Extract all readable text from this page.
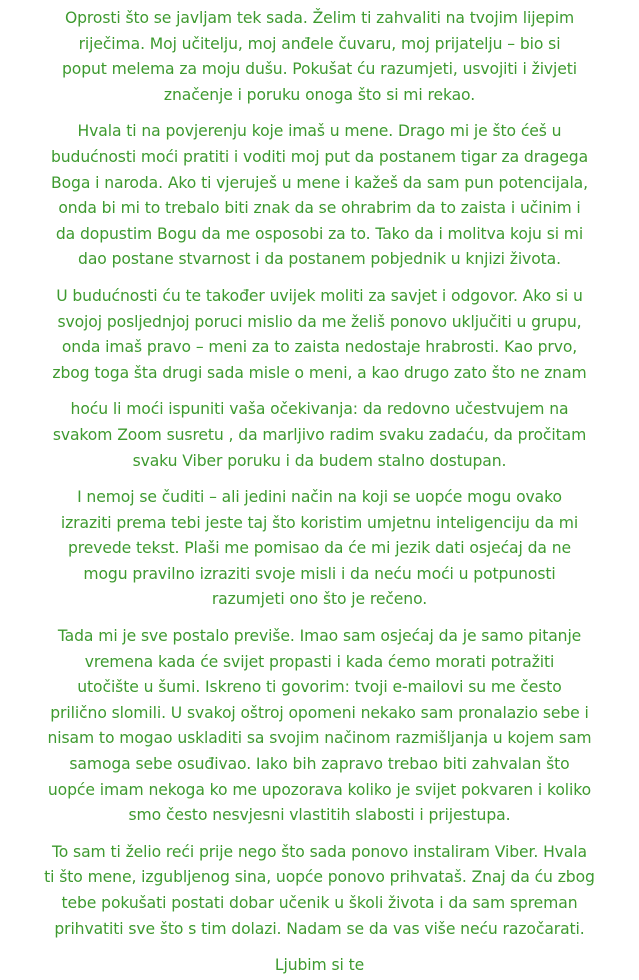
Oprosti što se javljam tek sada. Želim ti zahvaliti na tvojim lijepim
riječima. Moj učitelju, moj anđele čuvaru, moj prijatelju – bio si
poput melema za moju dušu. Pokušat ću razumjeti, usvojiti i živjeti
značenje i poruku onoga što si mi rekao.
Hvala ti na povjerenju koje imaš u mene. Drago mi je što ćeš u
budućnosti moći pratiti i voditi moj put da postanem tigar za dragega
Boga i naroda. Ako ti vjeruješ u mene i kažeš da sam pun potencijala,
onda bi mi to trebalo biti znak da se ohrabrim da to zaista i učinim i
da dopustim Bogu da me osposobi za to. Tako da i molitva koju si mi
dao postane stvarnost i da postanem pobjednik u knjizi života.
U budućnosti ću te također uvijek moliti za savjet i odgovor. Ako si u
svojoj posljednjoj poruci mislio da me želiš ponovo uključiti u grupu,
onda imaš pravo – meni za to zaista nedostaje hrabrosti. Kao prvo,
zbog toga šta drugi sada misle o meni, a kao drugo zato što ne znam
hoću li moći ispuniti vaša očekivanja: da redovno učestvujem na
svakom Zoom susretu , da marljivo radim svaku zadaću, da pročitam
svaku Viber poruku i da budem stalno dostupan.
I nemoj se čuditi – ali jedini način na koji se uopće mogu ovako
izraziti prema tebi jeste taj što koristim umjetnu inteligenciju da mi
prevede tekst. Plaši me pomisao da će mi jezik dati osjećaj da ne
mogu pravilno izraziti svoje misli i da neću moći u potpunosti
razumjeti ono što je rečeno.
Tada mi je sve postalo previše. Imao sam osjećaj da je samo pitanje
vremena kada će svijet propasti i kada ćemo morati potražiti
utočište u šumi. Iskreno ti govorim: tvoji e-mailovi su me često
prilično slomili. U svakoj oštroj opomeni nekako sam pronalazio sebe i
nisam to mogao uskladiti sa svojim načinom razmišljanja u kojem sam
samoga sebe osuđivao. Iako bih zapravo trebao biti zahvalan što
uopće imam nekoga ko me upozorava koliko je svijet pokvaren i koliko
smo često nesvjesni vlastitih slabosti i prijestupa.
To sam ti želio reći prije nego što sada ponovo instaliram Viber. Hvala
ti što mene, izgubljenog sina, uopće ponovo prihvataš. Znaj da ću zbog
tebe pokušati postati dobar učenik u školi života i da sam spreman
prihvatiti sve što s tim dolazi. Nadam se da vas više neću razočarati.
Ljubim si te
